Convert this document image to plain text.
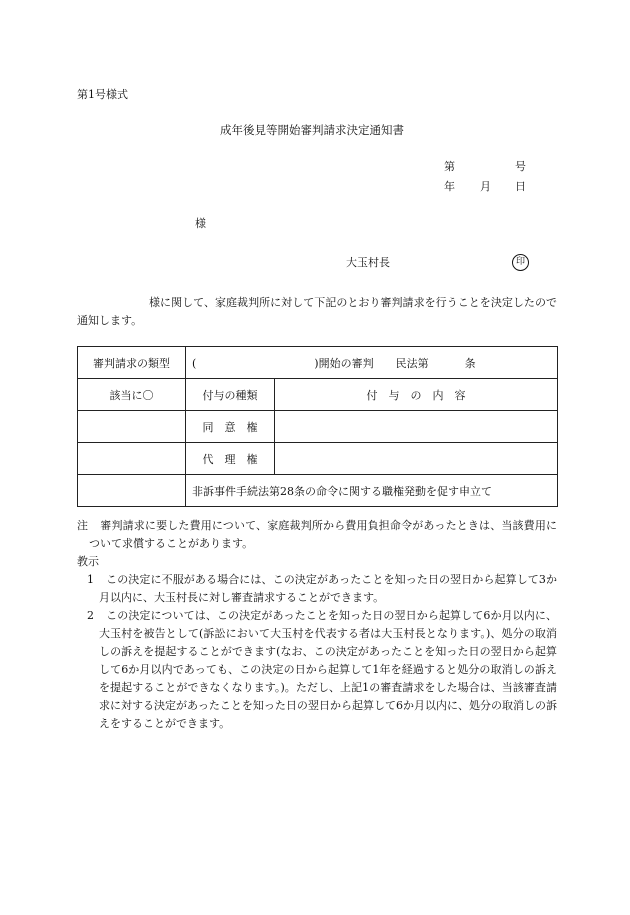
第1号様式
成年後見等開始審判請求決定通知書
第	号
年 月 日
様
大玉村長	印
様に関して、家庭裁判所に対して下記のとおり審判請求を行うことを決定したので通知します。
審判請求の類型	( )開始の審判 民法第 条	
該当に〇	付与の種類	付　与　の　内　容
	同　意　権	
	代　理　権	
	非訴事件手続法第28条の命令に関する職権発動を促す申立て	

注 審判請求に要した費用について、家庭裁判所から費用負担命令があったときは、当該費用について求償することがあります。

教示

1 この決定に不服がある場合には、この決定があったことを知った日の翌日から起算して3か月以内に、大玉村長に対し審査請求することができます。

2 この決定については、この決定があったことを知った日の翌日から起算して6か月以内に、大玉村を被告として(訴訟において大玉村を代表する者は大玉村長となります。)、処分の取消しの訴えを提起することができます(なお、この決定があったことを知った日の翌日から起算して6か月以内であっても、この決定の日から起算して1年を経過すると処分の取消しの訴えを提起することができなくなります。)。ただし、上記1の審査請求をした場合は、当該審査請求に対する決定があったことを知った日の翌日から起算して6か月以内に、処分の取消しの訴えをすることができます。
